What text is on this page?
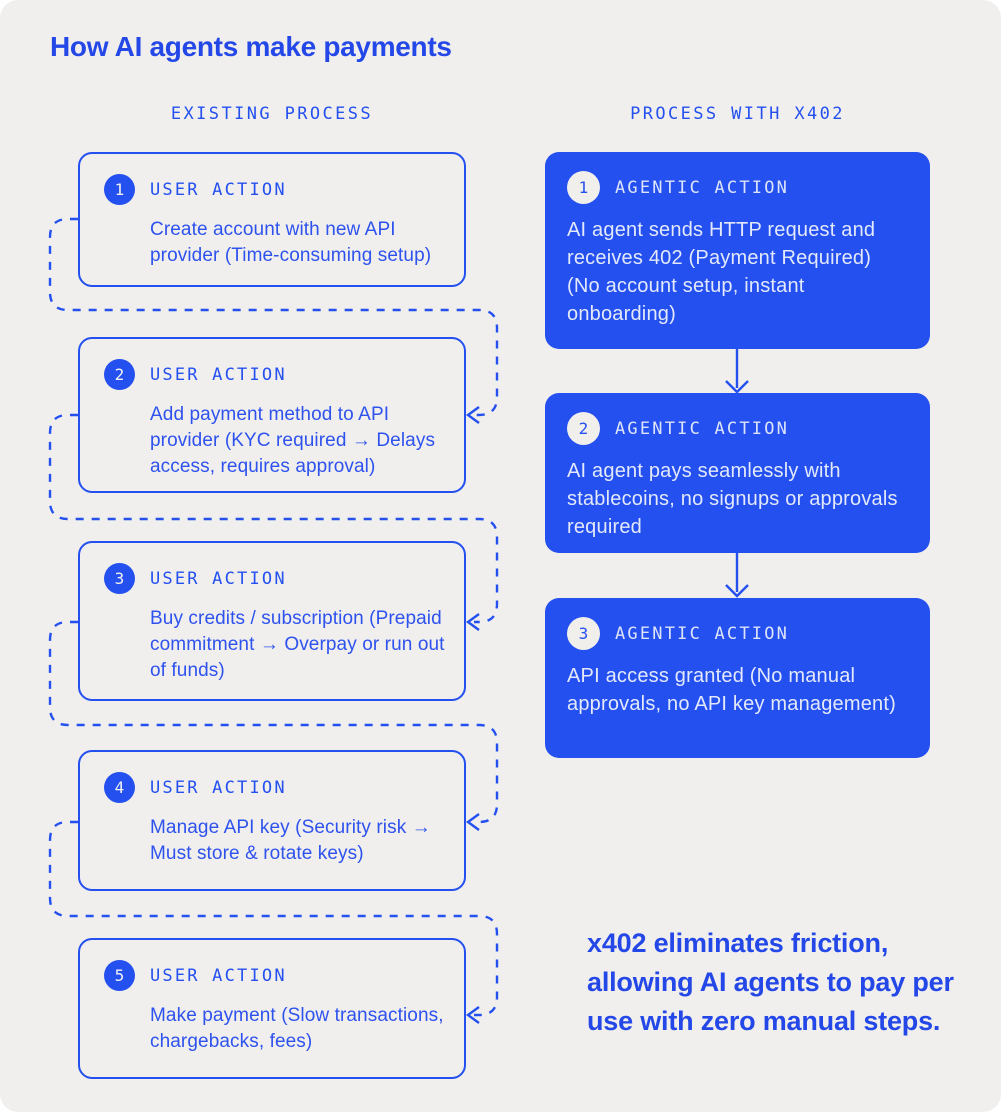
How AI agents make payments
EXISTING PROCESS	PROCESS WITH X402
1	USER ACTION
Create account with new API provider (Time-consuming setup)
2	USER ACTION
Add payment method to API provider (KYC required → Delays access, requires approval)
3	USER ACTION
Buy credits / subscription (Prepaid commitment → Overpay or run out of funds)
4	USER ACTION
Manage API key (Security risk → Must store & rotate keys)
5	USER ACTION
Make payment (Slow transactions, chargebacks, fees)
1	AGENTIC ACTION
AI agent sends HTTP request and receives 402 (Payment Required) (No account setup, instant onboarding)
2	AGENTIC ACTION
AI agent pays seamlessly with stablecoins, no signups or approvals required
3	AGENTIC ACTION
API access granted (No manual approvals, no API key management)
x402 eliminates friction, allowing AI agents to pay per use with zero manual steps.
